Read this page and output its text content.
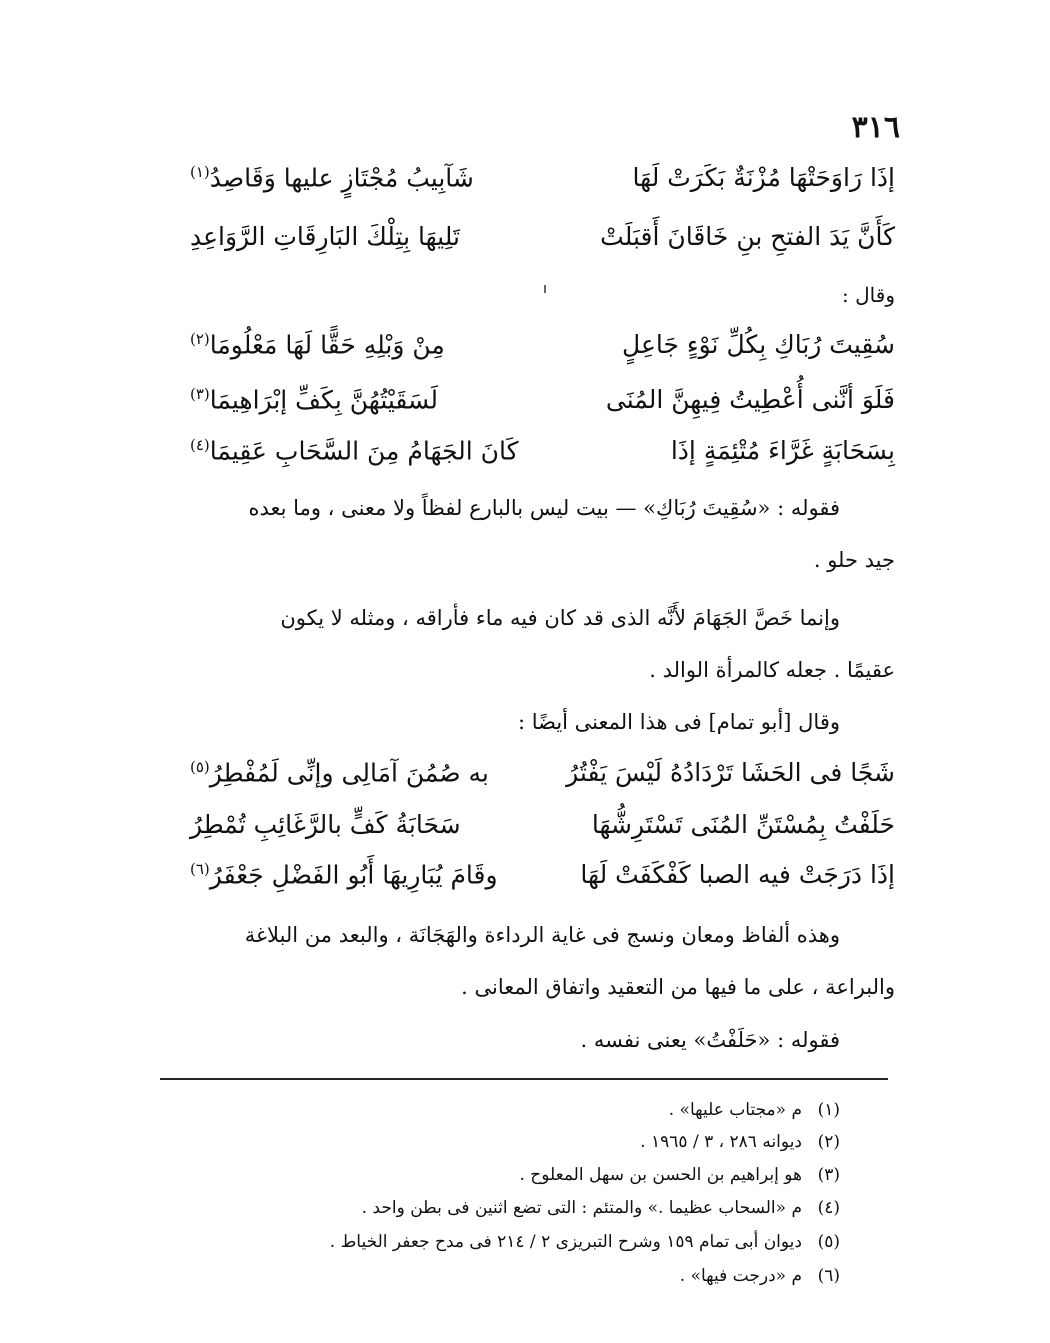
٣١٦
إذَا رَاوَحَتْهَا مُزْنَةٌ بَكَرَتْ لَهَا
شَآبِيبُ مُجْتَازٍ عليها وَقَاصِدُ$^{(١)}$
كَأَنَّ يَدَ الفتحِ بنِ خَاقَانَ أَقبَلَتْ
تَلِيهَا بِتِلْكَ البَارِقَاتِ الرَّوَاعِدِ
وقال :
سُقِيتَ رُبَاكِ بِكُلِّ نَوْءٍ جَاعِلٍ
مِنْ وَبْلِهِ حَقًّا لَهَا مَعْلُومَا$^{(٢)}$
فَلَوَ أنَّنى أُعْطِيتُ فِيهِنَّ المُنَى
لَسَقَيْتُهُنَّ بِكَفِّ إبْرَاهِيمَا$^{(٣)}$
بِسَحَابَةٍ غَرَّاءَ مُتْئِمَةٍ إذَا
كَانَ الجَهَامُ مِنَ السَّحَابِ عَقِيمَا$^{(٤)}$
فقوله : «سُقِيتَ رُبَاكِ» — بيت ليس بالبارع لفظاً ولا معنى ، وما بعده
جيد حلو .
وإنما خَصَّ الجَهَامَ لأَنَّه الذى قد كان فيه ماء فأراقه ، ومثله لا يكون
عقيمًا . جعله كالمرأة الوالد .
وقال [أبو تمام] فى هذا المعنى أيضًا :
شَجًا فى الحَشَا تَرْدَادُهُ لَيْسَ يَفْتُرُ
به صُمُنَ آمَالِى وإنِّى لَمُفْطِرُ$^{(٥)}$
حَلَفْتُ بِمُسْتَنِّ المُنَى تَسْتَرِشُّهَا
سَحَابَةُ كَفٍّ بالرَّغَائِبِ تُمْطِرُ
إذَا دَرَجَتْ فيه الصبا كَفْكَفَتْ لَهَا
وقَامَ يُبَارِيهَا أَبُو الفَضْلِ جَعْفَرُ$^{(٦)}$
وهذه ألفاظ ومعان ونسج فى غاية الرداءة والهَجَانَة ، والبعد من البلاغة
والبراعة ، على ما فيها من التعقيد واتفاق المعانى .
فقوله : «حَلَفْتُ» يعنى نفسه .
(١)م «مجتاب عليها» .
(٢)ديوانه ٢٨٦ ، ٣ / ١٩٦٥ .
(٣)هو إبراهيم بن الحسن بن سهل المعلوح .
(٤)م «السحاب عظيما .» والمتئم : التى تضع اثنين فى بطن واحد .
(٥)ديوان أبى تمام ١٥٩ وشرح التبريزى ٢ / ٢١٤ فى مدح جعفر الخياط .
(٦)م «درجت فيها» .
